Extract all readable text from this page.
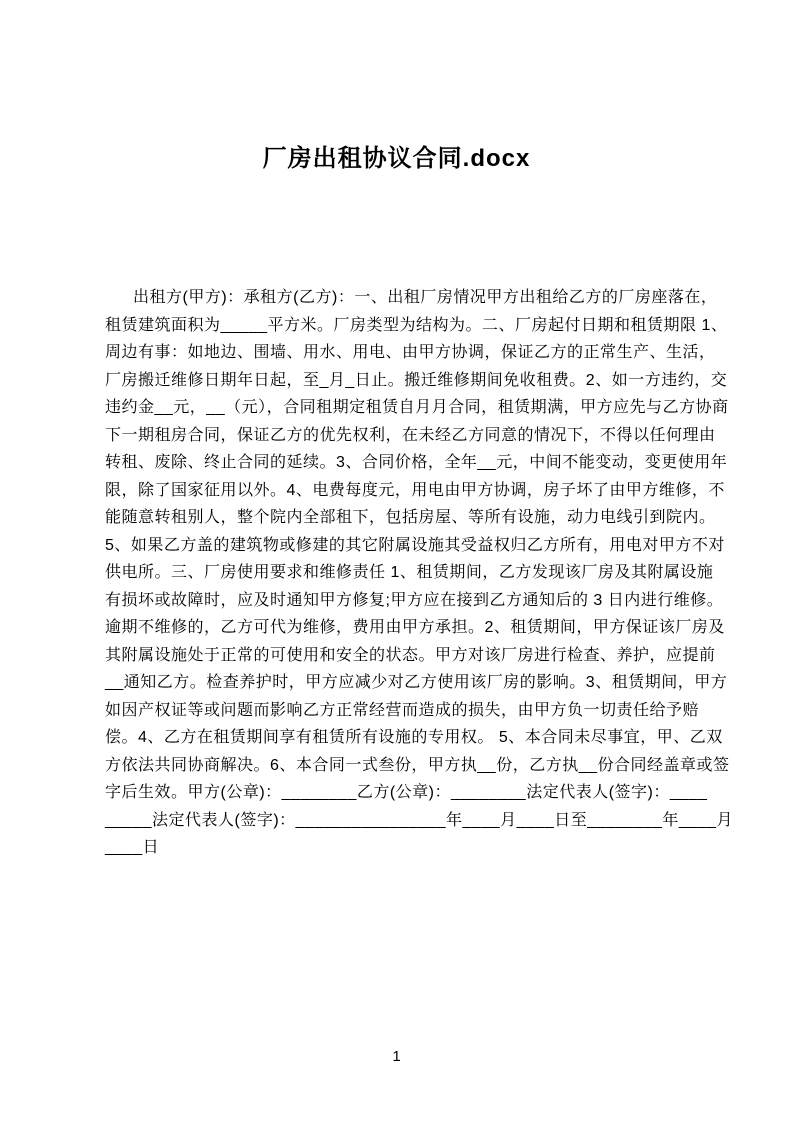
厂房出租协议合同.docx
出租方(甲方)：承租方(乙方)：一、出租厂房情况甲方出租给乙方的厂房座落在，
租赁建筑面积为_____平方米。厂房类型为结构为。二、厂房起付日期和租赁期限 1、
周边有事：如地边、围墙、用水、用电、由甲方协调，保证乙方的正常生产、生活，
厂房搬迁维修日期年日起，至_月_日止。搬迁维修期间免收租费。2、如一方违约，交
违约金__元，__（元），合同租期定租赁自月月合同，租赁期满，甲方应先与乙方协商
下一期租房合同，保证乙方的优先权利，在未经乙方同意的情况下，不得以任何理由
转租、废除、终止合同的延续。3、合同价格，全年__元，中间不能变动，变更使用年
限，除了国家征用以外。4、电费每度元，用电由甲方协调，房子坏了由甲方维修，不
能随意转租别人，整个院内全部租下，包括房屋、等所有设施，动力电线引到院内。
5、如果乙方盖的建筑物或修建的其它附属设施其受益权归乙方所有，用电对甲方不对
供电所。三、厂房使用要求和维修责任 1、租赁期间，乙方发现该厂房及其附属设施
有损坏或故障时，应及时通知甲方修复;甲方应在接到乙方通知后的 3 日内进行维修。
逾期不维修的，乙方可代为维修，费用由甲方承担。2、租赁期间，甲方保证该厂房及
其附属设施处于正常的可使用和安全的状态。甲方对该厂房进行检查、养护，应提前
__通知乙方。检查养护时，甲方应减少对乙方使用该厂房的影响。3、租赁期间，甲方
如因产权证等或问题而影响乙方正常经营而造成的损失，由甲方负一切责任给予赔
偿。4、乙方在租赁期间享有租赁所有设施的专用权。 5、本合同未尽事宜，甲、乙双
方依法共同协商解决。6、本合同一式叁份，甲方执__份，乙方执__份合同经盖章或签
字后生效。甲方(公章)：________乙方(公章)：________法定代表人(签字)：____
_____法定代表人(签字)：________________年____月____日至________年____月
____日
1
